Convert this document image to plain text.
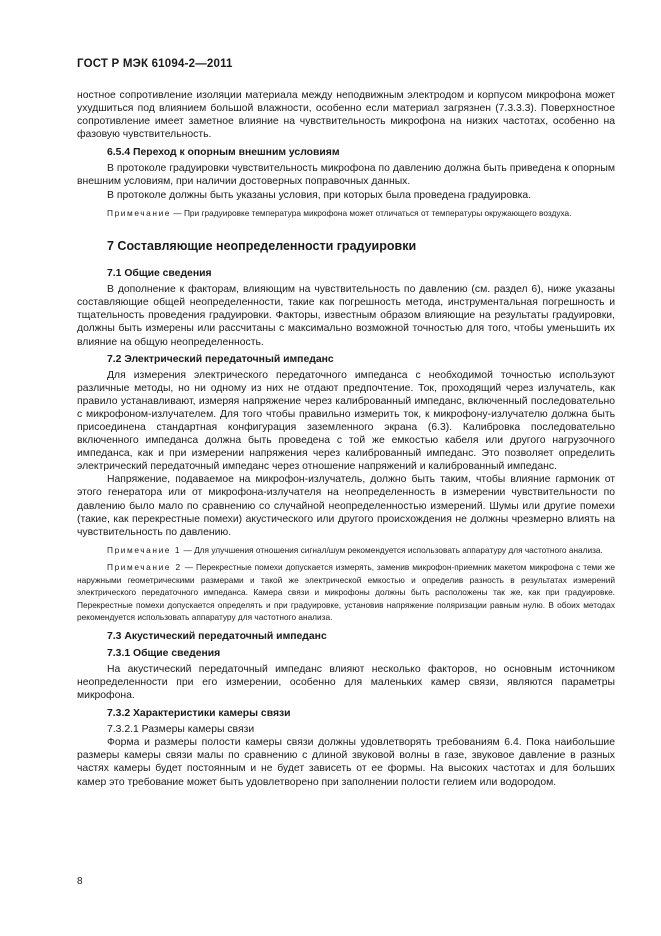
ГОСТ Р МЭК 61094-2—2011

ностное сопротивление изоляции материала между неподвижным электродом и корпусом микрофона может ухудшиться под влиянием большой влажности, особенно если материал загрязнен (7.3.3.3). Поверхностное сопротивление имеет заметное влияние на чувствительность микрофона на низких частотах, особенно на фазовую чувствительность.

6.5.4 Переход к опорным внешним условиям

В протоколе градуировки чувствительность микрофона по давлению должна быть приведена к опорным внешним условиям, при наличии достоверных поправочных данных.

В протоколе должны быть указаны условия, при которых была проведена градуировка.

Примечание — При градуировке температура микрофона может отличаться от температуры окружающего воздуха.

7 Составляющие неопределенности градуировки
7.1 Общие сведения

В дополнение к факторам, влияющим на чувствительность по давлению (см. раздел 6), ниже указаны составляющие общей неопределенности, такие как погрешность метода, инструментальная погрешность и тщательность проведения градуировки. Факторы, известным образом влияющие на результаты градуировки, должны быть измерены или рассчитаны с максимально возможной точностью для того, чтобы уменьшить их влияние на общую неопределенность.

7.2 Электрический передаточный импеданс

Для измерения электрического передаточного импеданса с необходимой точностью используют различные методы, но ни одному из них не отдают предпочтение. Ток, проходящий через излучатель, как правило устанавливают, измеряя напряжение через калиброванный импеданс, включенный последовательно с микрофоном-излучателем. Для того чтобы правильно измерить ток, к микрофону-излучателю должна быть присоединена стандартная конфигурация заземленного экрана (6.3). Калибровка последовательно включенного импеданса должна быть проведена с той же емкостью кабеля или другого нагрузочного импеданса, как и при измерении напряжения через калиброванный импеданс. Это позволяет определить электрический передаточный импеданс через отношение напряжений и калиброванный импеданс.

Напряжение, подаваемое на микрофон-излучатель, должно быть таким, чтобы влияние гармоник от этого генератора или от микрофона-излучателя на неопределенность в измерении чувствительности по давлению было мало по сравнению со случайной неопределенностью измерений. Шумы или другие помехи (такие, как перекрестные помехи) акустического или другого происхождения не должны чрезмерно влиять на чувствительность по давлению.

Примечание 1 — Для улучшения отношения сигнал/шум рекомендуется использовать аппаратуру для частотного анализа.

Примечание 2 — Перекрестные помехи допускается измерять, заменив микрофон-приемник макетом микрофона с теми же наружными геометрическими размерами и такой же электрической емкостью и определив разность в результатах измерений электрического передаточного импеданса. Камера связи и микрофоны должны быть расположены так же, как при градуировке. Перекрестные помехи допускается определять и при градуировке, установив напряжение поляризации равным нулю. В обоих методах рекомендуется использовать аппаратуру для частотного анализа.

7.3 Акустический передаточный импеданс
7.3.1 Общие сведения

На акустический передаточный импеданс влияют несколько факторов, но основным источником неопределенности при его измерении, особенно для маленьких камер связи, являются параметры микрофона.

7.3.2 Характеристики камеры связи
7.3.2.1 Размеры камеры связи

Форма и размеры полости камеры связи должны удовлетворять требованиям 6.4. Пока наибольшие размеры камеры связи малы по сравнению с длиной звуковой волны в газе, звуковое давление в разных частях камеры будет постоянным и не будет зависеть от ее формы. На высоких частотах и для больших камер это требование может быть удовлетворено при заполнении полости гелием или водородом.

8
